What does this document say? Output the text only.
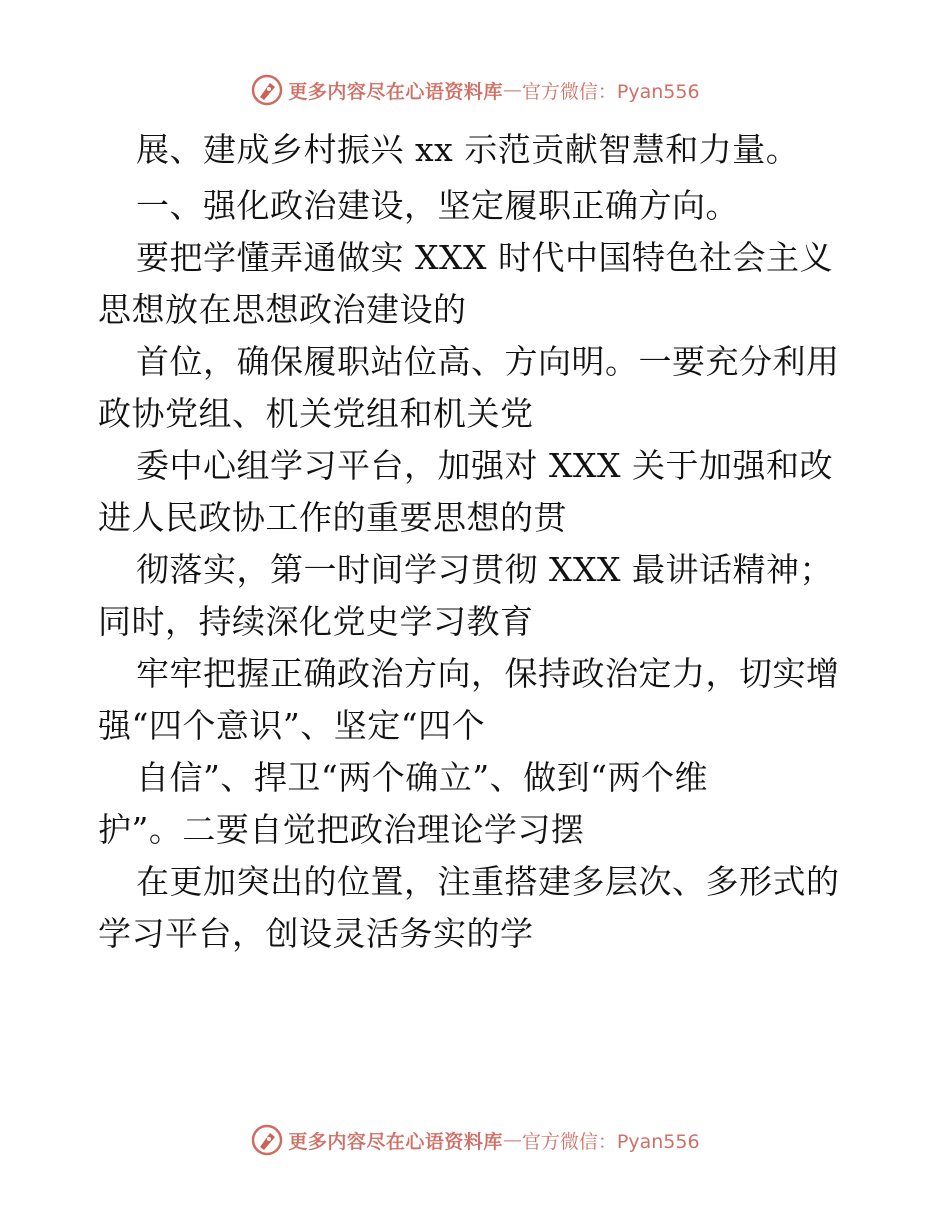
更多内容尽在心语资料库 — 官方微信：Pyan556
展、建成乡村振兴 xx 示范贡献智慧和力量。
一、强化政治建设，坚定履职正确方向。
要把学懂弄通做实 XXX 时代中国特色社会主义
思想放在思想政治建设的
首位，确保履职站位高、方向明。一要充分利用
政协党组、机关党组和机关党
委中心组学习平台，加强对 XXX 关于加强和改
进人民政协工作的重要思想的贯
彻落实，第一时间学习贯彻 XXX 最讲话精神；
同时，持续深化党史学习教育
牢牢把握正确政治方向，保持政治定力，切实增
强“四个意识”、坚定“四个
自信”、捍卫“两个确立”、做到“两个维
护”。二要自觉把政治理论学习摆
在更加突出的位置，注重搭建多层次、多形式的
学习平台，创设灵活务实的学
更多内容尽在心语资料库 — 官方微信：Pyan556
